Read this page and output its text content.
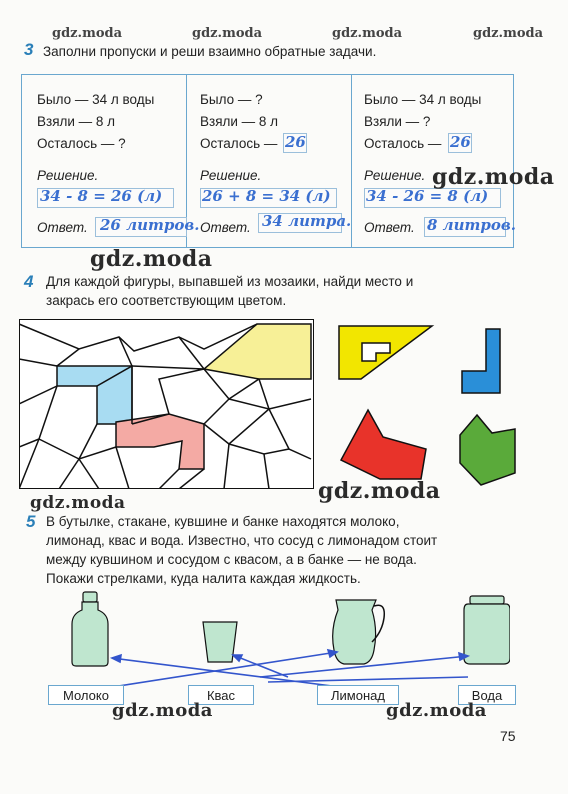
gdz.moda	gdz.moda	gdz.moda	gdz.moda
3 Заполни пропуски и реши взаимно обратные задачи.
Было — 34 л воды
Взяли — 8 л
Осталось — ?
Решение.
34 - 8 = 26 (л)
Ответ. 26 литров.
Было — ?
Взяли — 8 л
Осталось — 26
Решение.
26 + 8 = 34 (л)
Ответ. 34 литра.
Было — 34 л воды
Взяли — ?
Осталось — 26
Решение.
34 - 26 = 8 (л)
Ответ. 8 литров.
gdz.moda
gdz.moda
4 Для каждой фигуры, выпавшей из мозаики, найди место и
закрась его соответствующим цветом.
gdz.moda
gdz.moda
5 В бутылке, стакане, кувшине и банке находятся молоко,
лимонад, квас и вода. Известно, что сосуд с лимонадом стоит
между кувшином и сосудом с квасом, а в банке — не вода.
Покажи стрелками, куда налита каждая жидкость.
Молоко	Квас	Лимонад	Вода
gdz.moda	gdz.moda
75
